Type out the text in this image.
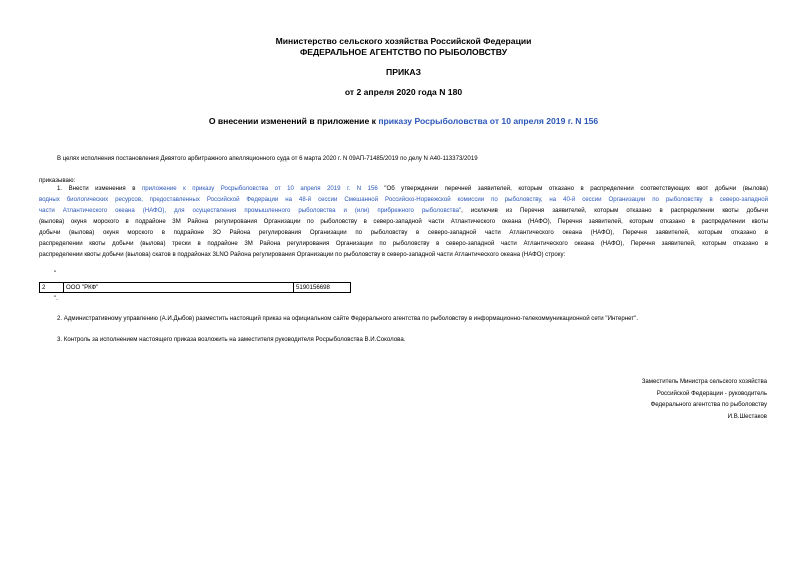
Министерство сельского хозяйства Российской Федерации
ФЕДЕРАЛЬНОЕ АГЕНТСТВО ПО РЫБОЛОВСТВУ
ПРИКАЗ
от 2 апреля 2020 года N 180
О внесении изменений в приложение к приказу Росрыболовства от 10 апреля 2019 г. N 156
В целях исполнения постановления Девятого арбитражного апелляционного суда от 6 марта 2020 г. N 09АП-71485/2019 по делу N А40-113373/2019
приказываю:
1. Внести изменения в приложение к приказу Росрыболовства от 10 апреля 2019 г. N 156 "Об утверждении перечней заявителей, которым отказано в распределении соответствующих квот добычи (вылова)
водных биологических ресурсов, предоставленных Российской Федерации на 48-й сессии Смешанной Российско-Норвежской комиссии по рыболовству, на 40-й сессии Организации по рыболовству в северо-западной
части Атлантического океана (НАФО), для осуществления промышленного рыболовства и (или) прибрежного рыболовства", исключив из Перечня заявителей, которым отказано в распределении квоты добычи
(вылова) окуня морского в подрайоне 3М Района регулирования Организации по рыболовству в северо-западной части Атлантического океана (НАФО), Перечня заявителей, которым отказано в распределении квоты
добычи (вылова) окуня морского в подрайоне 3О Района регулирования Организации по рыболовству в северо-западной части Атлантического океана (НАФО), Перечня заявителей, которым отказано в
распределении квоты добычи (вылова) трески в подрайоне 3М Района регулирования Организации по рыболовству в северо-западной части Атлантического океана (НАФО), Перечня заявителей, которым отказано в
распределении квоты добычи (вылова) скатов в подрайонах 3LNO Района регулирования Организации по рыболовству в северо-западной части Атлантического океана (НАФО) строку:
"
2	ООО "РКФ"	5190156698
".
2. Административному управлению (А.И.Дыбов) разместить настоящий приказ на официальном сайте Федерального агентства по рыболовству в информационно-телекоммуникационной сети "Интернет".
3. Контроль за исполнением настоящего приказа возложить на заместителя руководителя Росрыболовства В.И.Соколова.
Заместитель Министра сельского хозяйства
Российской Федерации - руководитель
Федерального агентства по рыболовству
И.В.Шестаков
